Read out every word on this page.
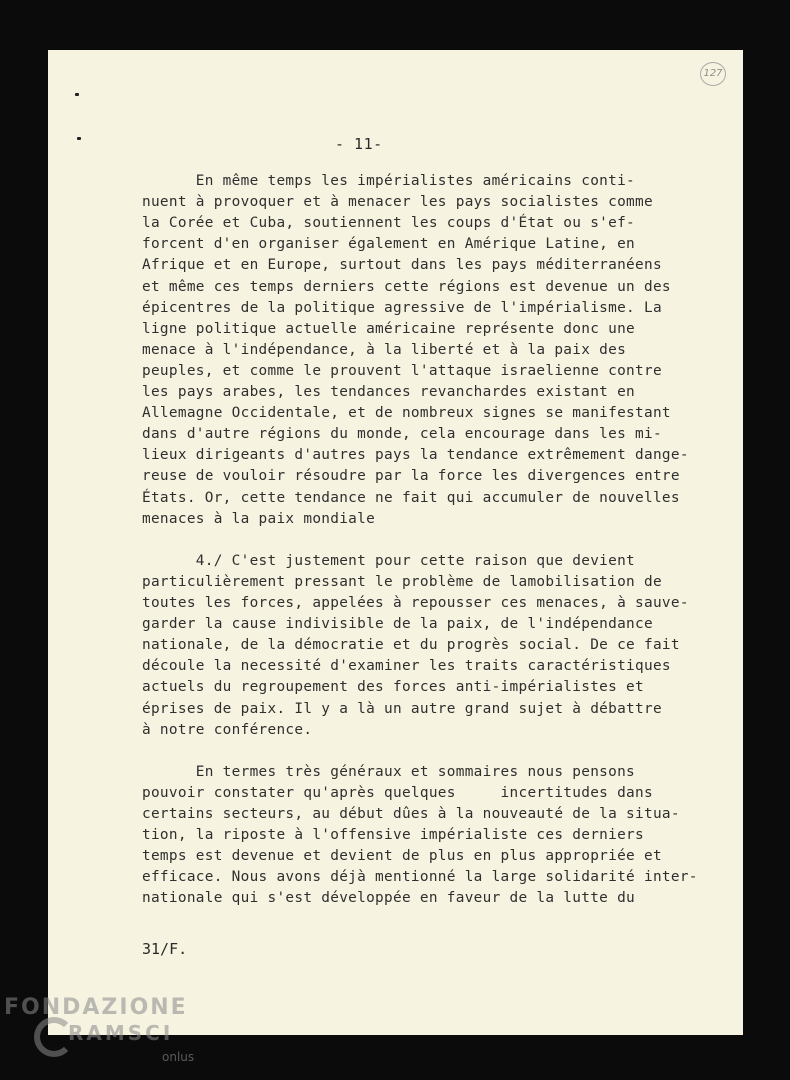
127
- 11-
En même temps les impérialistes américains conti-
nuent à provoquer et à menacer les pays socialistes comme
la Corée et Cuba, soutiennent les coups d'État ou s'ef-
forcent d'en organiser également en Amérique Latine, en
Afrique et en Europe, surtout dans les pays méditerranéens
et même ces temps derniers cette régions est devenue un des
épicentres de la politique agressive de l'impérialisme. La
ligne politique actuelle américaine représente donc une
menace à l'indépendance, à la liberté et à la paix des
peuples, et comme le prouvent l'attaque israelienne contre
les pays arabes, les tendances revanchardes existant en
Allemagne Occidentale, et de nombreux signes se manifestant
dans d'autre régions du monde, cela encourage dans les mi-
lieux dirigeants d'autres pays la tendance extrêmement dange-
reuse de vouloir résoudre par la force les divergences entre
États. Or, cette tendance ne fait qui accumuler de nouvelles
menaces à la paix mondiale
4./ C'est justement pour cette raison que devient
particulièrement pressant le problème de lamobilisation de
toutes les forces, appelées à repousser ces menaces, à sauve-
garder la cause indivisible de la paix, de l'indépendance
nationale, de la démocratie et du progrès social. De ce fait
découle la necessité d'examiner les traits caractéristiques
actuels du regroupement des forces anti-impérialistes et
éprises de paix. Il y a là un autre grand sujet à débattre
à notre conférence.
En termes très généraux et sommaires nous pensons
pouvoir constater qu'après quelques     incertitudes dans
certains secteurs, au début dûes à la nouveauté de la situa-
tion, la riposte à l'offensive impérialiste ces derniers
temps est devenue et devient de plus en plus appropriée et
efficace. Nous avons déjà mentionné la large solidarité inter-
nationale qui s'est développée en faveur de la lutte du
31/F.
FONDAZIONE
RAMSCI
onlus
